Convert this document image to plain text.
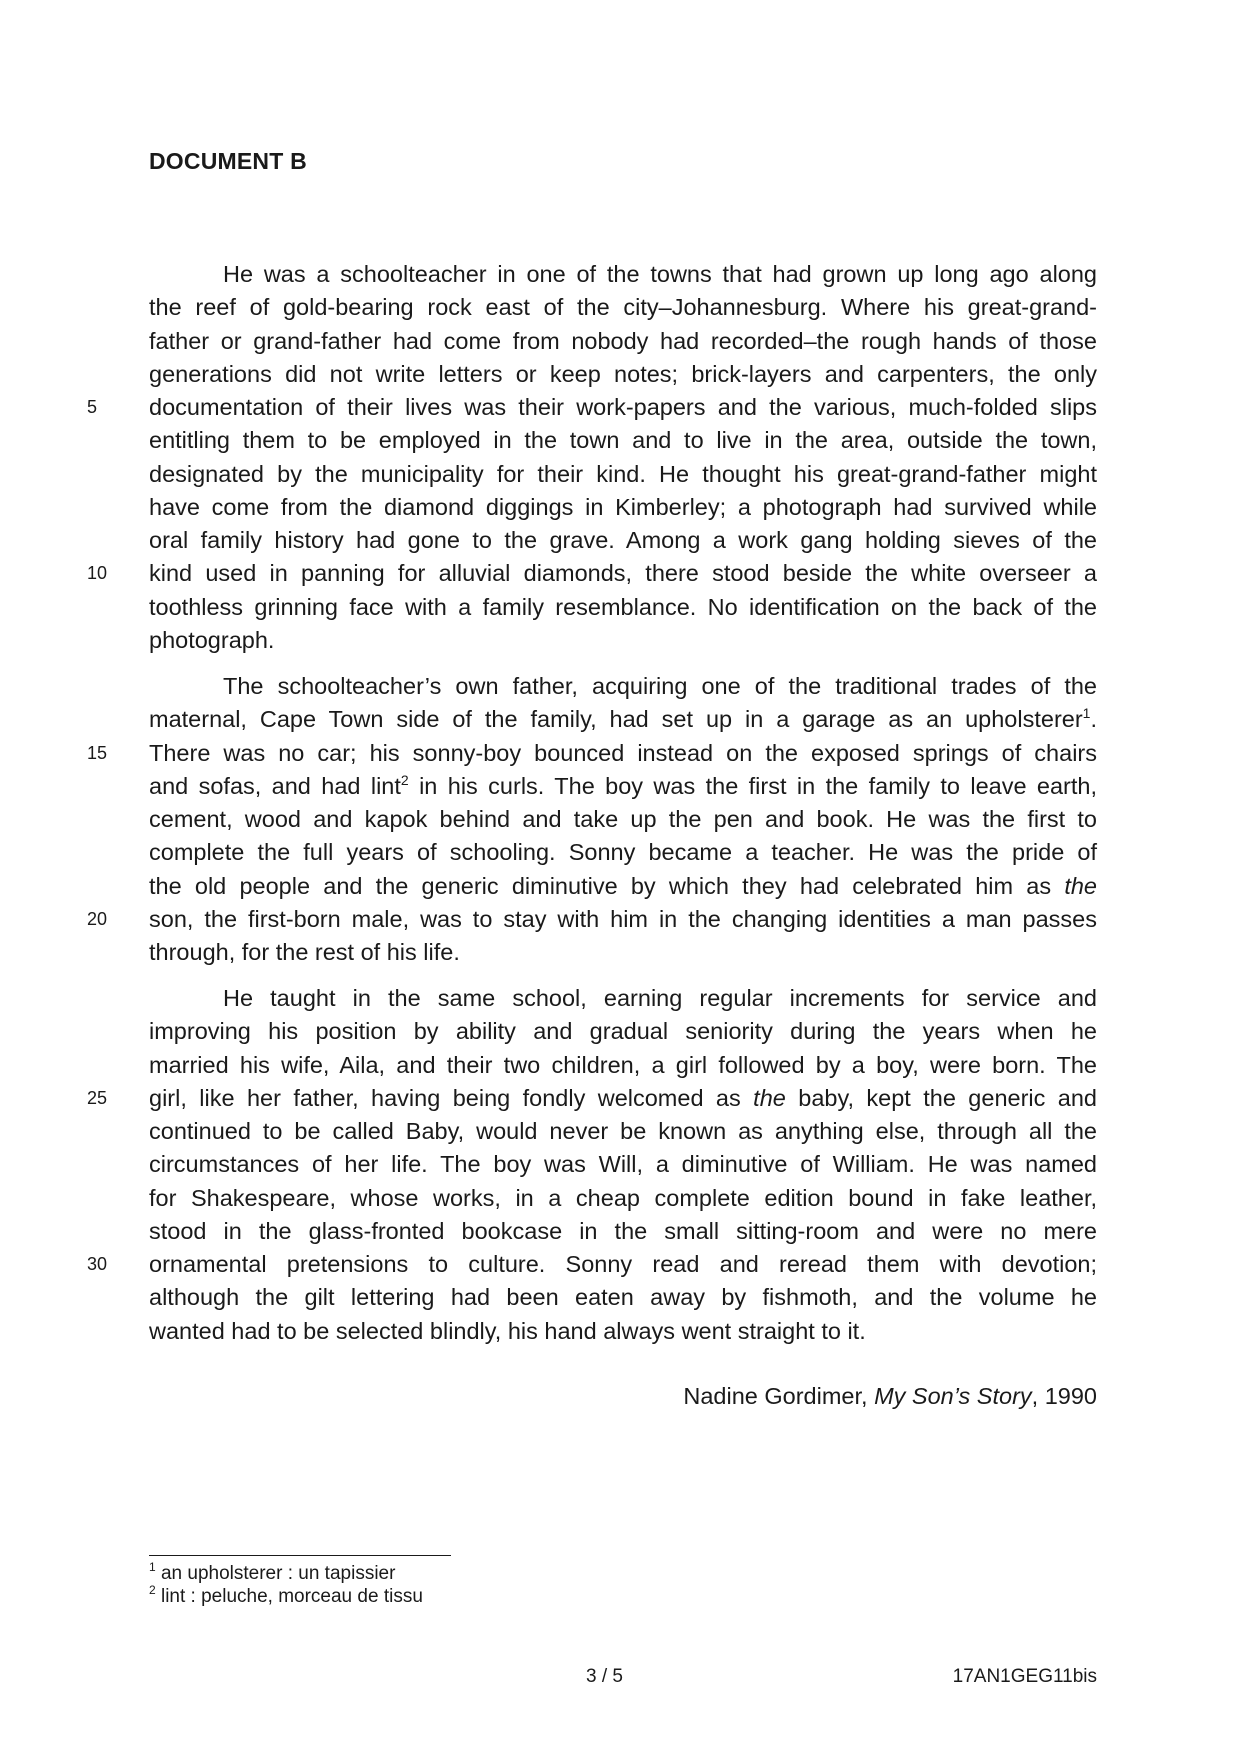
DOCUMENT B
He was a schoolteacher in one of the towns that had grown up long ago along
the reef of gold-bearing rock east of the city–Johannesburg. Where his great-grand-
father or grand-father had come from nobody had recorded–the rough hands of those
generations did not write letters or keep notes; brick-layers and carpenters, the only
5	documentation of their lives was their work-papers and the various, much-folded slips
entitling them to be employed in the town and to live in the area, outside the town,
designated by the municipality for their kind. He thought his great-grand-father might
have come from the diamond diggings in Kimberley; a photograph had survived while
oral family history had gone to the grave. Among a work gang holding sieves of the
10	kind used in panning for alluvial diamonds, there stood beside the white overseer a
toothless grinning face with a family resemblance. No identification on the back of the
photograph.
The schoolteacher’s own father, acquiring one of the traditional trades of the
maternal, Cape Town side of the family, had set up in a garage as an upholsterer$^1$.
15	There was no car; his sonny-boy bounced instead on the exposed springs of chairs
and sofas, and had lint$^2$ in his curls. The boy was the first in the family to leave earth,
cement, wood and kapok behind and take up the pen and book. He was the first to
complete the full years of schooling. Sonny became a teacher. He was the pride of
the old people and the generic diminutive by which they had celebrated him as the
20	son, the first-born male, was to stay with him in the changing identities a man passes
through, for the rest of his life.
He taught in the same school, earning regular increments for service and
improving his position by ability and gradual seniority during the years when he
married his wife, Aila, and their two children, a girl followed by a boy, were born. The
25	girl, like her father, having being fondly welcomed as the baby, kept the generic and
continued to be called Baby, would never be known as anything else, through all the
circumstances of her life. The boy was Will, a diminutive of William. He was named
for Shakespeare, whose works, in a cheap complete edition bound in fake leather,
stood in the glass-fronted bookcase in the small sitting-room and were no mere
30	ornamental pretensions to culture. Sonny read and reread them with devotion;
although the gilt lettering had been eaten away by fishmoth, and the volume he
wanted had to be selected blindly, his hand always went straight to it.
Nadine Gordimer, My Son’s Story, 1990
$^1$ an upholsterer : un tapissier
$^2$ lint : peluche, morceau de tissu
3 / 5	17AN1GEG11bis
